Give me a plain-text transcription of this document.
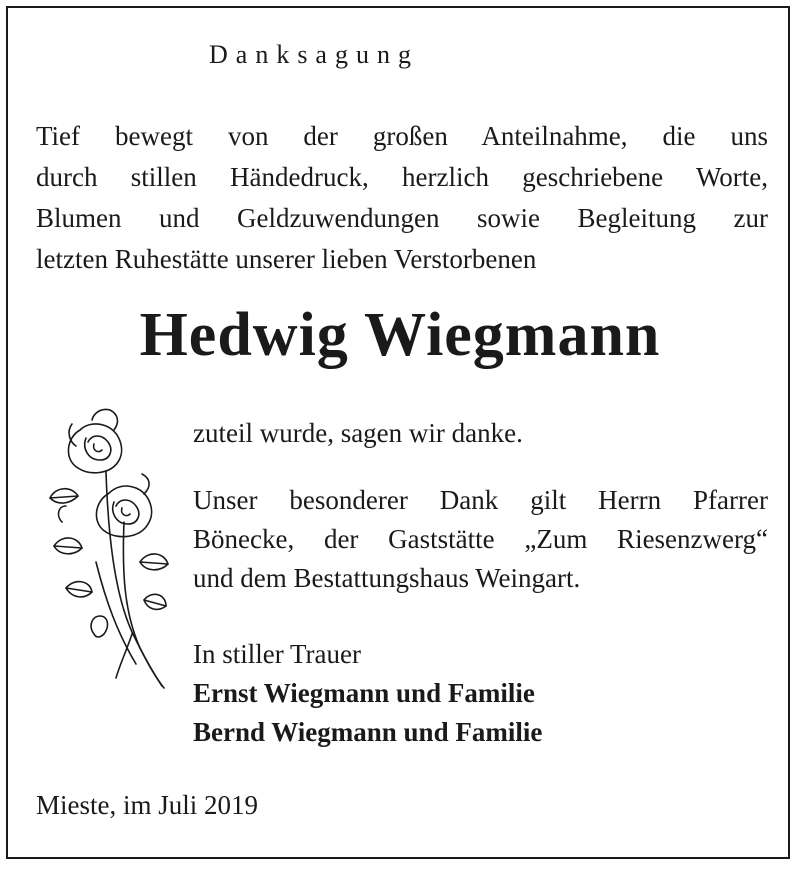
Danksagung
Tief bewegt von der großen Anteilnahme, die uns
durch stillen Händedruck, herzlich geschriebene Worte,
Blumen und Geldzuwendungen sowie Begleitung zur
letzten Ruhestätte unserer lieben Verstorbenen
Hedwig Wiegmann
zuteil wurde, sagen wir danke.
Unser besonderer Dank gilt Herrn Pfarrer
Bönecke, der Gaststätte „Zum Riesenzwerg“
und dem Bestattungshaus Weingart.
In stiller Trauer
Ernst Wiegmann und Familie
Bernd Wiegmann und Familie
Mieste, im Juli 2019
